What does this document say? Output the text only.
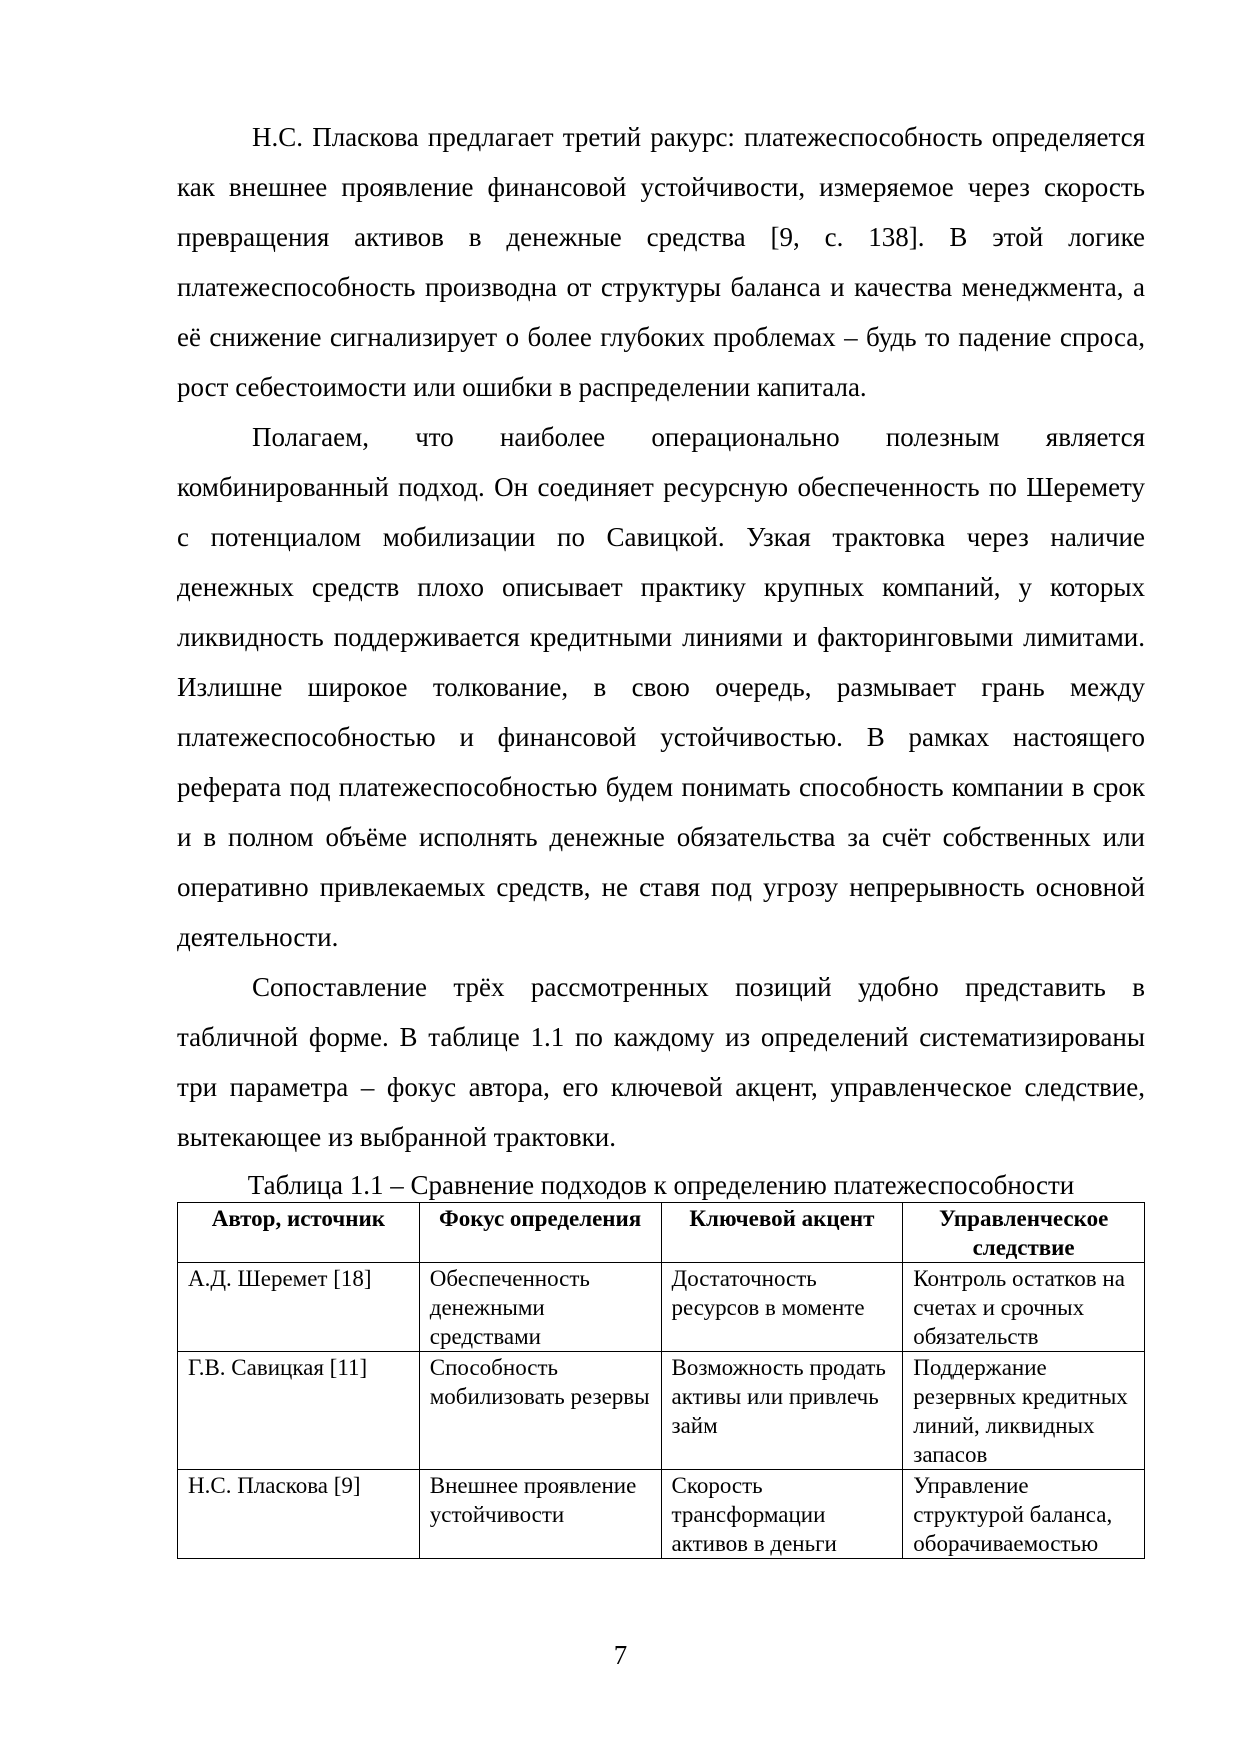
Н.С. Пласкова предлагает третий ракурс: платежеспособность определяется как внешнее проявление финансовой устойчивости, измеряемое через скорость превращения активов в денежные средства [9, с. 138]. В этой логике платежеспособность производна от структуры баланса и качества менеджмента, а её снижение сигнализирует о более глубоких проблемах – будь то падение спроса, рост себестоимости или ошибки в распределении капитала.

Полагаем, что наиболее операционально полезным является комбинированный подход. Он соединяет ресурсную обеспеченность по Шеремету с потенциалом мобилизации по Савицкой. Узкая трактовка через наличие денежных средств плохо описывает практику крупных компаний, у которых ликвидность поддерживается кредитными линиями и факторинговыми лимитами. Излишне широкое толкование, в свою очередь, размывает грань между платежеспособностью и финансовой устойчивостью. В рамках настоящего реферата под платежеспособностью будем понимать способность компании в срок и в полном объёме исполнять денежные обязательства за счёт собственных или оперативно привлекаемых средств, не ставя под угрозу непрерывность основной деятельности.

Сопоставление трёх рассмотренных позиций удобно представить в табличной форме. В таблице 1.1 по каждому из определений систематизированы три параметра – фокус автора, его ключевой акцент, управленческое следствие, вытекающее из выбранной трактовки.

Таблица 1.1 – Сравнение подходов к определению платежеспособности

Автор, источник	Фокус определения	Ключевой акцент	Управленческое следствие
А.Д. Шеремет [18]	Обеспеченность денежными средствами	Достаточность ресурсов в моменте	Контроль остатков на счетах и срочных обязательств
Г.В. Савицкая [11]	Способность мобилизовать резервы	Возможность продать активы или привлечь займ	Поддержание резервных кредитных линий, ликвидных запасов
Н.С. Пласкова [9]	Внешнее проявление устойчивости	Скорость трансформации активов в деньги	Управление структурой баланса, оборачиваемостью
7
